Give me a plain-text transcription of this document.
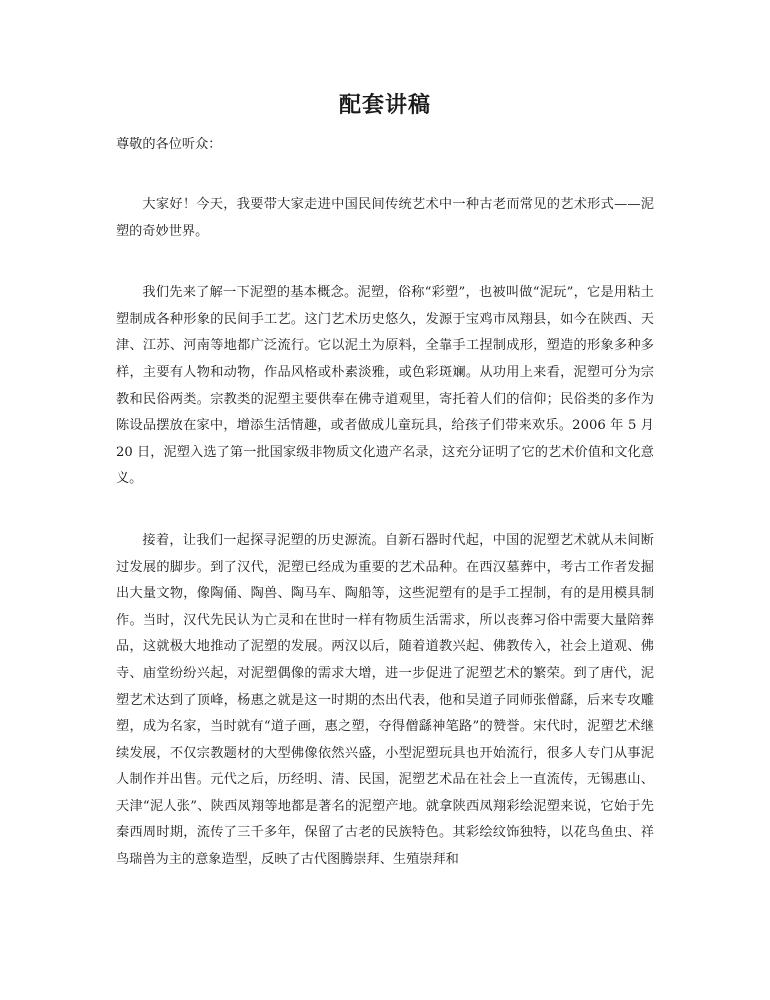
配套讲稿

尊敬的各位听众：

大家好！今天，我要带大家走进中国民间传统艺术中一种古老而常见的艺术形式——泥塑的奇妙世界。

我们先来了解一下泥塑的基本概念。泥塑，俗称“彩塑”，也被叫做“泥玩”，它是用粘土塑制成各种形象的民间手工艺。这门艺术历史悠久，发源于宝鸡市凤翔县，如今在陕西、天津、江苏、河南等地都广泛流行。它以泥土为原料，全靠手工捏制成形，塑造的形象多种多样，主要有人物和动物，作品风格或朴素淡雅，或色彩斑斓。从功用上来看，泥塑可分为宗教和民俗两类。宗教类的泥塑主要供奉在佛寺道观里，寄托着人们的信仰；民俗类的多作为陈设品摆放在家中，增添生活情趣，或者做成儿童玩具，给孩子们带来欢乐。2006 年 5 月 20 日，泥塑入选了第一批国家级非物质文化遗产名录，这充分证明了它的艺术价值和文化意义。

接着，让我们一起探寻泥塑的历史源流。自新石器时代起，中国的泥塑艺术就从未间断过发展的脚步。到了汉代，泥塑已经成为重要的艺术品种。在西汉墓葬中，考古工作者发掘出大量文物，像陶俑、陶兽、陶马车、陶船等，这些泥塑有的是手工捏制，有的是用模具制作。当时，汉代先民认为亡灵和在世时一样有物质生活需求，所以丧葬习俗中需要大量陪葬品，这就极大地推动了泥塑的发展。两汉以后，随着道教兴起、佛教传入，社会上道观、佛寺、庙堂纷纷兴起，对泥塑偶像的需求大增，进一步促进了泥塑艺术的繁荣。到了唐代，泥塑艺术达到了顶峰，杨惠之就是这一时期的杰出代表，他和吴道子同师张僧繇，后来专攻雕塑，成为名家，当时就有“道子画，惠之塑，夺得僧繇神笔路”的赞誉。宋代时，泥塑艺术继续发展，不仅宗教题材的大型佛像依然兴盛，小型泥塑玩具也开始流行，很多人专门从事泥人制作并出售。元代之后，历经明、清、民国，泥塑艺术品在社会上一直流传，无锡惠山、天津“泥人张”、陕西凤翔等地都是著名的泥塑产地。就拿陕西凤翔彩绘泥塑来说，它始于先秦西周时期，流传了三千多年，保留了古老的民族特色。其彩绘纹饰独特，以花鸟鱼虫、祥鸟瑞兽为主的意象造型，反映了古代图腾崇拜、生殖崇拜和
